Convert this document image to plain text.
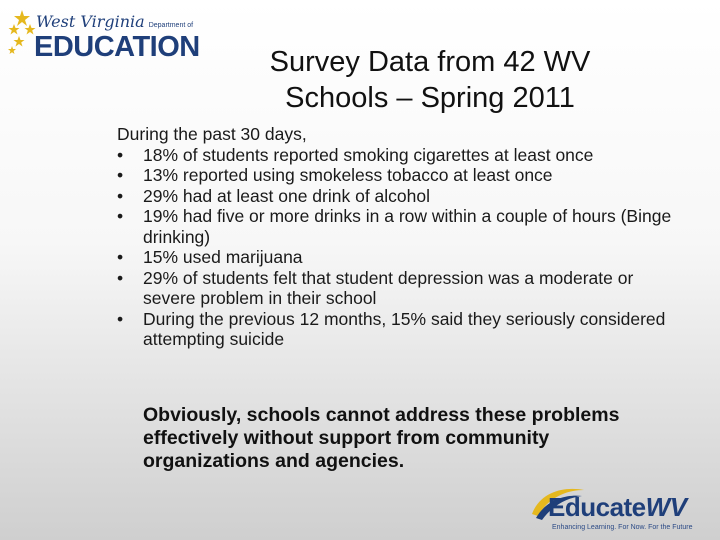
West Virginia Department of
EDUCATION	Survey Data from 42 WV
Schools – Spring 2011

During the past 30 days,

• 18% of students reported smoking cigarettes at least once
• 13% reported using smokeless tobacco at least once
• 29% had at least one drink of alcohol
• 19% had five or more drinks in a row within a couple of hours (Binge drinking)
• 15% used marijuana
• 29% of students felt that student depression was a moderate or severe problem in their school
• During the previous 12 months, 15% said they seriously considered attempting suicide
Obviously, schools cannot address these problems effectively without support from community organizations and agencies.
EducateWV
Enhancing Learning. For Now. For the Future
